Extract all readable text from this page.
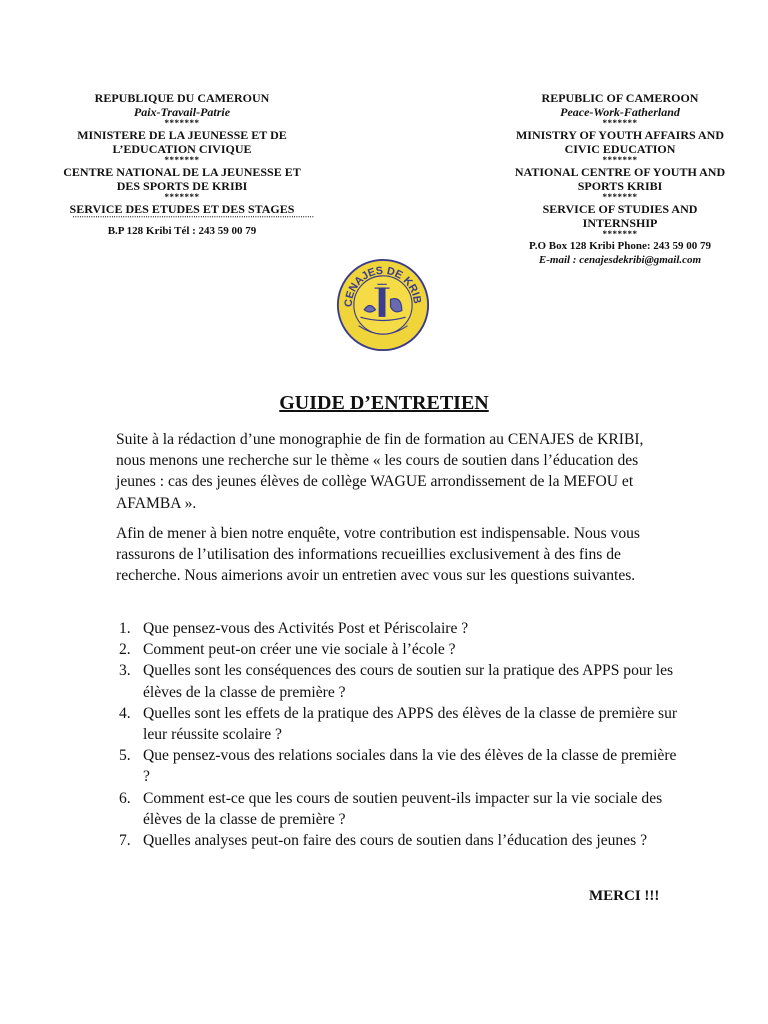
REPUBLIQUE DU CAMEROUN

Paix-Travail-Patrie

*******

MINISTERE DE LA JEUNESSE ET DE L’EDUCATION CIVIQUE

*******

CENTRE NATIONAL DE LA JEUNESSE ET DES SPORTS DE KRIBI

*******

SERVICE DES ETUDES ET DES STAGES

''''''''''''''''''''''''''''''''''''''''''''''''''''''''''''''''''''''''''''''''''''''''''''''''''''''''''

B.P 128 Kribi Tél : 243 59 00 79

REPUBLIC OF CAMEROON

Peace-Work-Fatherland

*******

MINISTRY OF YOUTH AFFAIRS AND CIVIC EDUCATION

*******

NATIONAL CENTRE OF YOUTH AND SPORTS KRIBI

*******

SERVICE OF STUDIES AND INTERNSHIP

*******

P.O Box 128 Kribi Phone: 243 59 00 79

E-mail : cenajesdekribi@gmail.com

CENAJES DE KRIB
GUIDE D’ENTRETIEN

Suite à la rédaction d’une monographie de fin de formation au CENAJES de KRIBI, nous menons une recherche sur le thème « les cours de soutien dans l’éducation des jeunes : cas des jeunes élèves de collège WAGUE arrondissement de la MEFOU et AFAMBA ».

Afin de mener à bien notre enquête, votre contribution est indispensable. Nous vous rassurons de l’utilisation des informations recueillies exclusivement à des fins de recherche. Nous aimerions avoir un entretien avec vous sur les questions suivantes.

1. Que pensez-vous des Activités Post et Périscolaire ?
2. Comment peut-on créer une vie sociale à l’école ?
3. Quelles sont les conséquences des cours de soutien sur la pratique des APPS pour les élèves de la classe de première ?
4. Quelles sont les effets de la pratique des APPS des élèves de la classe de première sur leur réussite scolaire ?
5. Que pensez-vous des relations sociales dans la vie des élèves de la classe de première ?
6. Comment est-ce que les cours de soutien peuvent-ils impacter sur la vie sociale des élèves de la classe de première ?
7. Quelles analyses peut-on faire des cours de soutien dans l’éducation des jeunes ?
MERCI !!!
